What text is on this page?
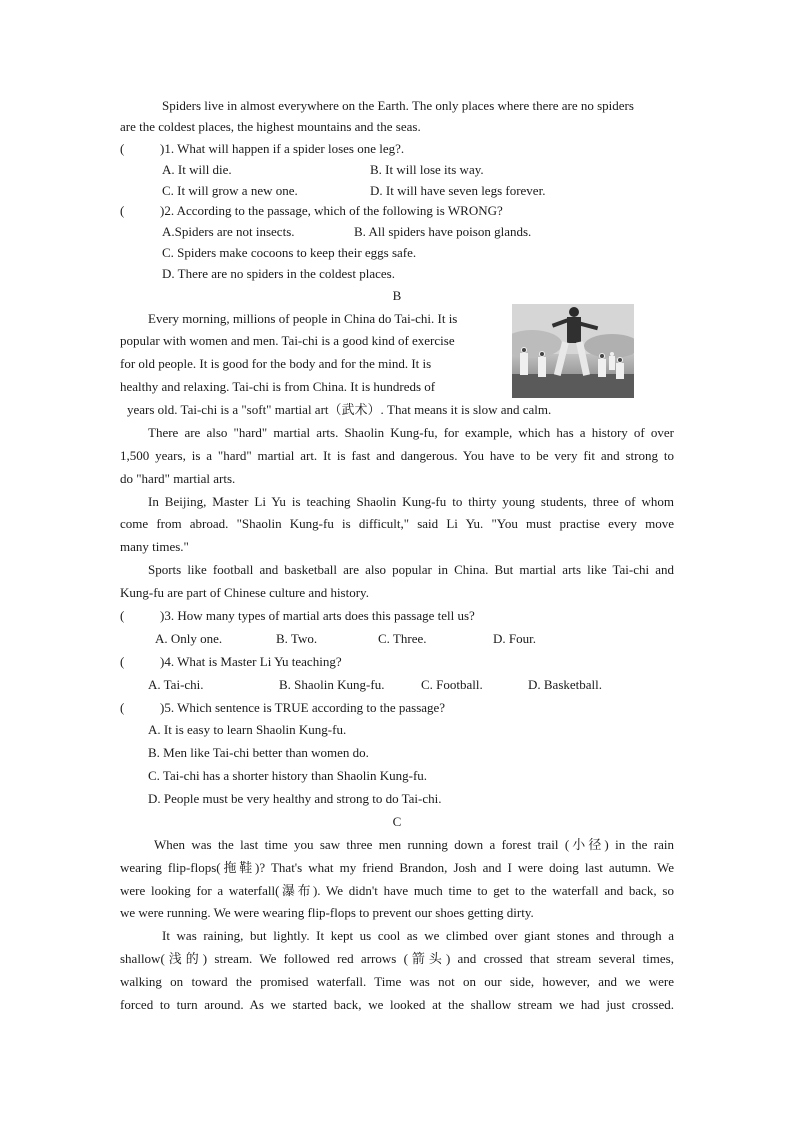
Spiders live in almost everywhere on the Earth. The only places where there are no spiders
are the coldest places, the highest mountains and the seas.
(	)1. What will happen if a spider loses one leg?.
A. It will die.	B. It will lose its way.
C. It will grow a new one.	D. It will have seven legs forever.
(	)2. According to the passage, which of the following is WRONG?
A.Spiders are not insects.	B. All spiders have poison glands.
C. Spiders make cocoons to keep their eggs safe.
D. There are no spiders in the coldest places.
B
Every morning, millions of people in China do Tai-chi. It is
popular with women and men. Tai-chi is a good kind of exercise
for old people. It is good for the body and for the mind. It is
healthy and relaxing. Tai-chi is from China. It is hundreds of
years old. Tai-chi is a "soft" martial art（武术）. That means it is slow and calm.
There are also "hard" martial arts. Shaolin Kung-fu, for example, which has a history of over
1,500 years, is a "hard" martial art. It is fast and dangerous. You have to be very fit and strong to
do "hard" martial arts.
In Beijing, Master Li Yu is teaching Shaolin Kung-fu to thirty young students, three of whom
come from abroad. "Shaolin Kung-fu is difficult," said Li Yu. "You must practise every move
many times."
Sports like football and basketball are also popular in China. But martial arts like Tai-chi and
Kung-fu are part of Chinese culture and history.
(	)3. How many types of martial arts does this passage tell us?
A. Only one.	B. Two.	C. Three.	D. Four.
(	)4. What is Master Li Yu teaching?
A. Tai-chi.	B. Shaolin Kung-fu.	C. Football.	D. Basketball.
(	)5. Which sentence is TRUE according to the passage?
A. It is easy to learn Shaolin Kung-fu.
B. Men like Tai-chi better than women do.
C. Tai-chi has a shorter history than Shaolin Kung-fu.
D. People must be very healthy and strong to do Tai-chi.
C
When was the last time you saw three men running down a forest trail (小径) in the rain
wearing flip-flops(拖鞋)? That's what my friend Brandon, Josh and I were doing last autumn. We
were looking for a waterfall(瀑布). We didn't have much time to get to the waterfall and back, so
we were running. We were wearing flip-flops to prevent our shoes getting dirty.
It was raining, but lightly. It kept us cool as we climbed over giant stones and through a
shallow(浅的) stream. We followed red arrows (箭头) and crossed that stream several times,
walking on toward the promised waterfall. Time was not on our side, however, and we were
forced to turn around. As we started back, we looked at the shallow stream we had just crossed.
